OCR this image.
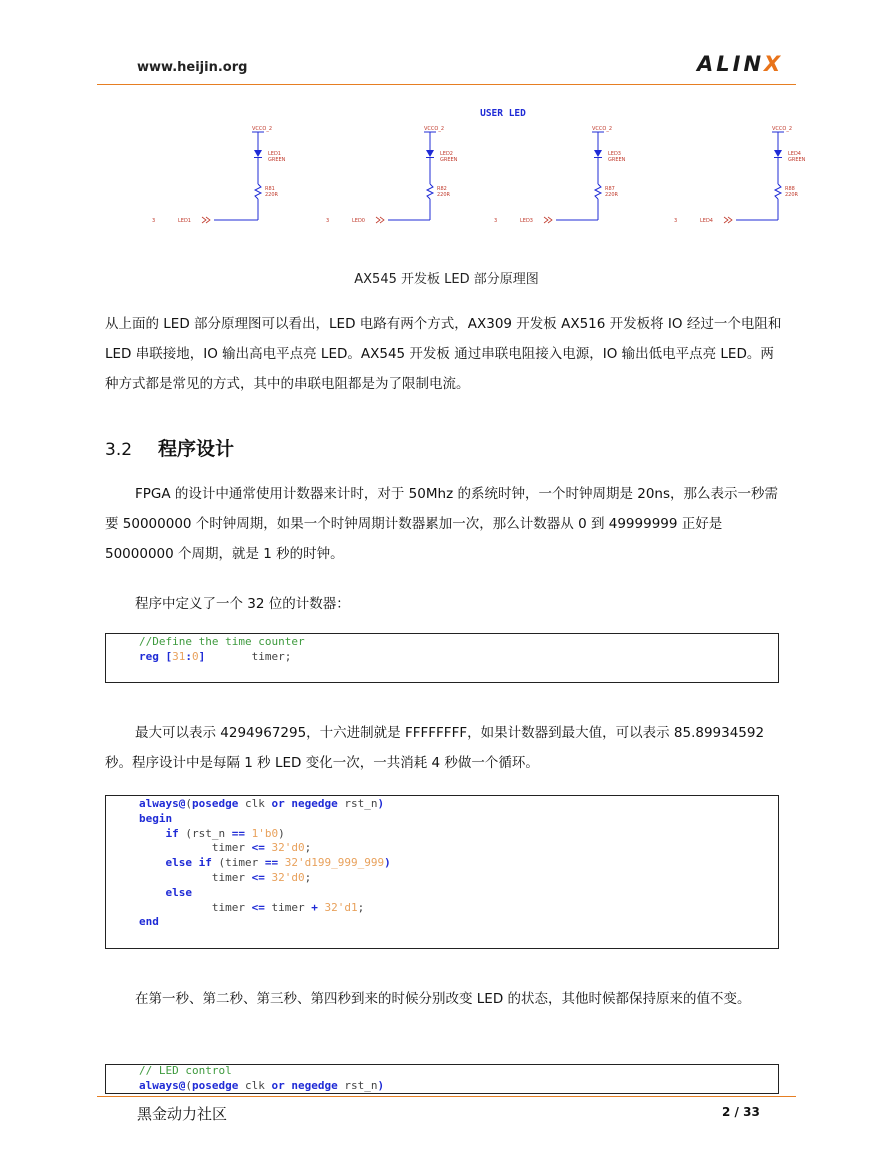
www.heijin.org	ALINX
USER LED
VCCO_2
LED1
GREEN
R81
220R
3	LED1
VCCO_2
LED2
GREEN
R82
220R
3	LED0
VCCO_2
LED3
GREEN
R87
220R
3	LED3
VCCO_2
LED4
GREEN
R88
220R
3	LED4
AX545 开发板 LED 部分原理图
从上面的 LED 部分原理图可以看出，LED 电路有两个方式，AX309 开发板 AX516 开发板将 IO 经过一个电阻和 LED 串联接地，IO 输出高电平点亮 LED。AX545 开发板 通过串联电阻接入电源，IO 输出低电平点亮 LED。两种方式都是常见的方式，其中的串联电阻都是为了限制电流。
3.2 程序设计
FPGA 的设计中通常使用计数器来计时，对于 50Mhz 的系统时钟，一个时钟周期是 20ns，那么表示一秒需要 50000000 个时钟周期，如果一个时钟周期计数器累加一次，那么计数器从 0 到 49999999 正好是 50000000 个周期，就是 1 秒的时钟。
程序中定义了一个 32 位的计数器：
//Define the time counter
reg [31:0]       timer;
最大可以表示 4294967295，十六进制就是 FFFFFFFF，如果计数器到最大值，可以表示 85.89934592 秒。程序设计中是每隔 1 秒 LED 变化一次，一共消耗 4 秒做一个循环。
always@(posedge clk or negedge rst_n)
begin
if (rst_n == 1'b0)
timer <= 32'd0;
else if (timer == 32'd199_999_999)
timer <= 32'd0;
else
timer <= timer + 32'd1;
end
在第一秒、第二秒、第三秒、第四秒到来的时候分别改变 LED 的状态，其他时候都保持原来的值不变。
// LED control
always@(posedge clk or negedge rst_n)
黑金动力社区	2 / 33
